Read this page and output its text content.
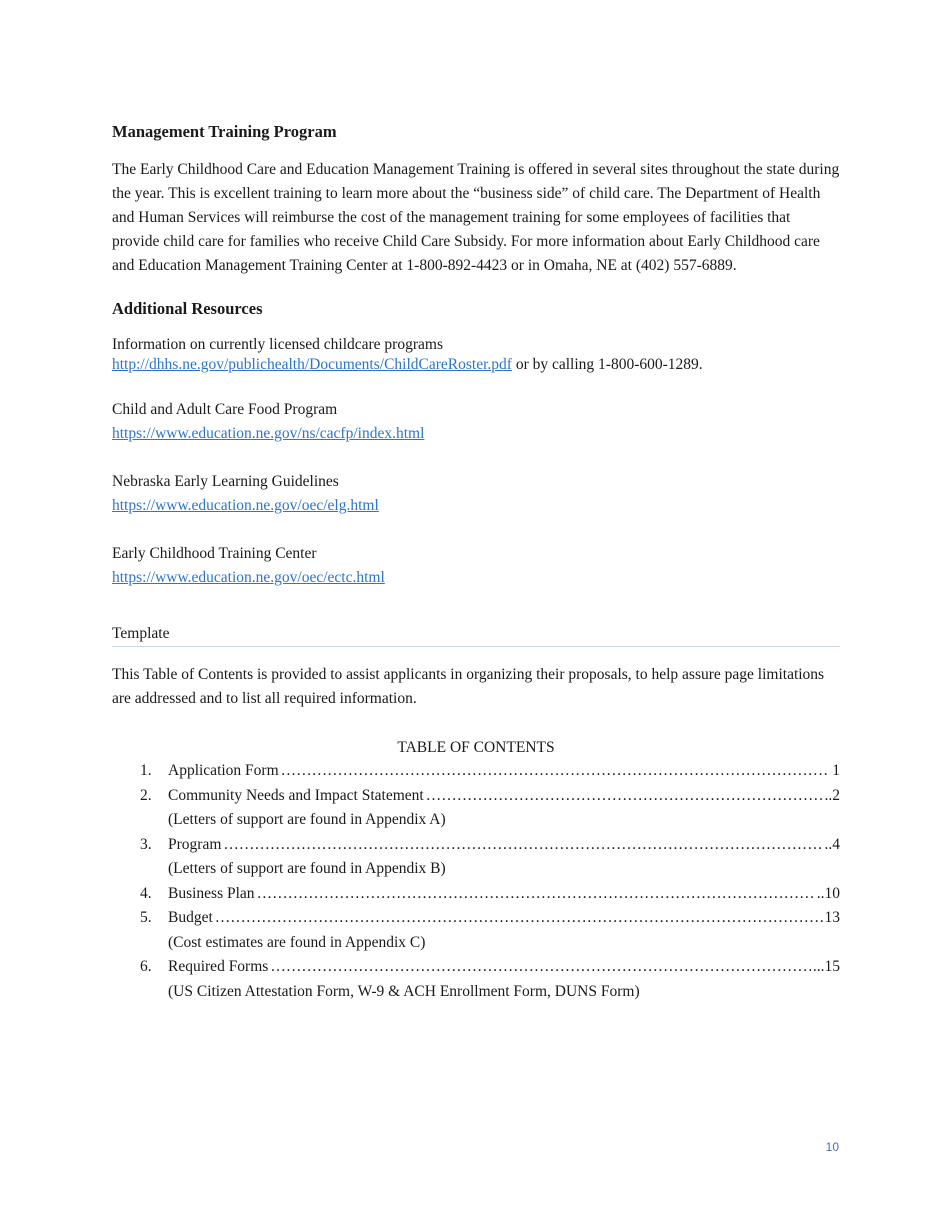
Management Training Program

The Early Childhood Care and Education Management Training is offered in several sites throughout the state during the year. This is excellent training to learn more about the “business side” of child care. The Department of Health and Human Services will reimburse the cost of the management training for some employees of facilities that provide child care for families who receive Child Care Subsidy. For more information about Early Childhood care and Education Management Training Center at 1-800-892-4423 or in Omaha, NE at (402) 557-6889.

Additional Resources

Information on currently licensed childcare programs
http://dhhs.ne.gov/publichealth/Documents/ChildCareRoster.pdf or by calling 1-800-600-1289.
Child and Adult Care Food Program
https://www.education.ne.gov/ns/cacfp/index.html
Nebraska Early Learning Guidelines
https://www.education.ne.gov/oec/elg.html
Early Childhood Training Center
https://www.education.ne.gov/oec/ectc.html
Template

This Table of Contents is provided to assist applicants in organizing their proposals, to help assure page limitations are addressed and to list all required information.

TABLE OF CONTENTS

1.	Application Form ………………………………………………………………………………………………………………………………………………………………………………	1
2.	Community Needs and Impact Statement ………………………………………………………………………………………………………………………………………………………………………………	..2
(Letters of support are found in Appendix A)
3.	Program ………………………………………………………………………………………………………………………………………………………………………………	..4
(Letters of support are found in Appendix B)
4.	Business Plan ………………………………………………………………………………………………………………………………………………………………………………	..10
5.	Budget ………………………………………………………………………………………………………………………………………………………………………………	13
(Cost estimates are found in Appendix C)
6.	Required Forms ………………………………………………………………………………………………………………………………………………………………………………	...15
(US Citizen Attestation Form, W-9 & ACH Enrollment Form, DUNS Form)
10
